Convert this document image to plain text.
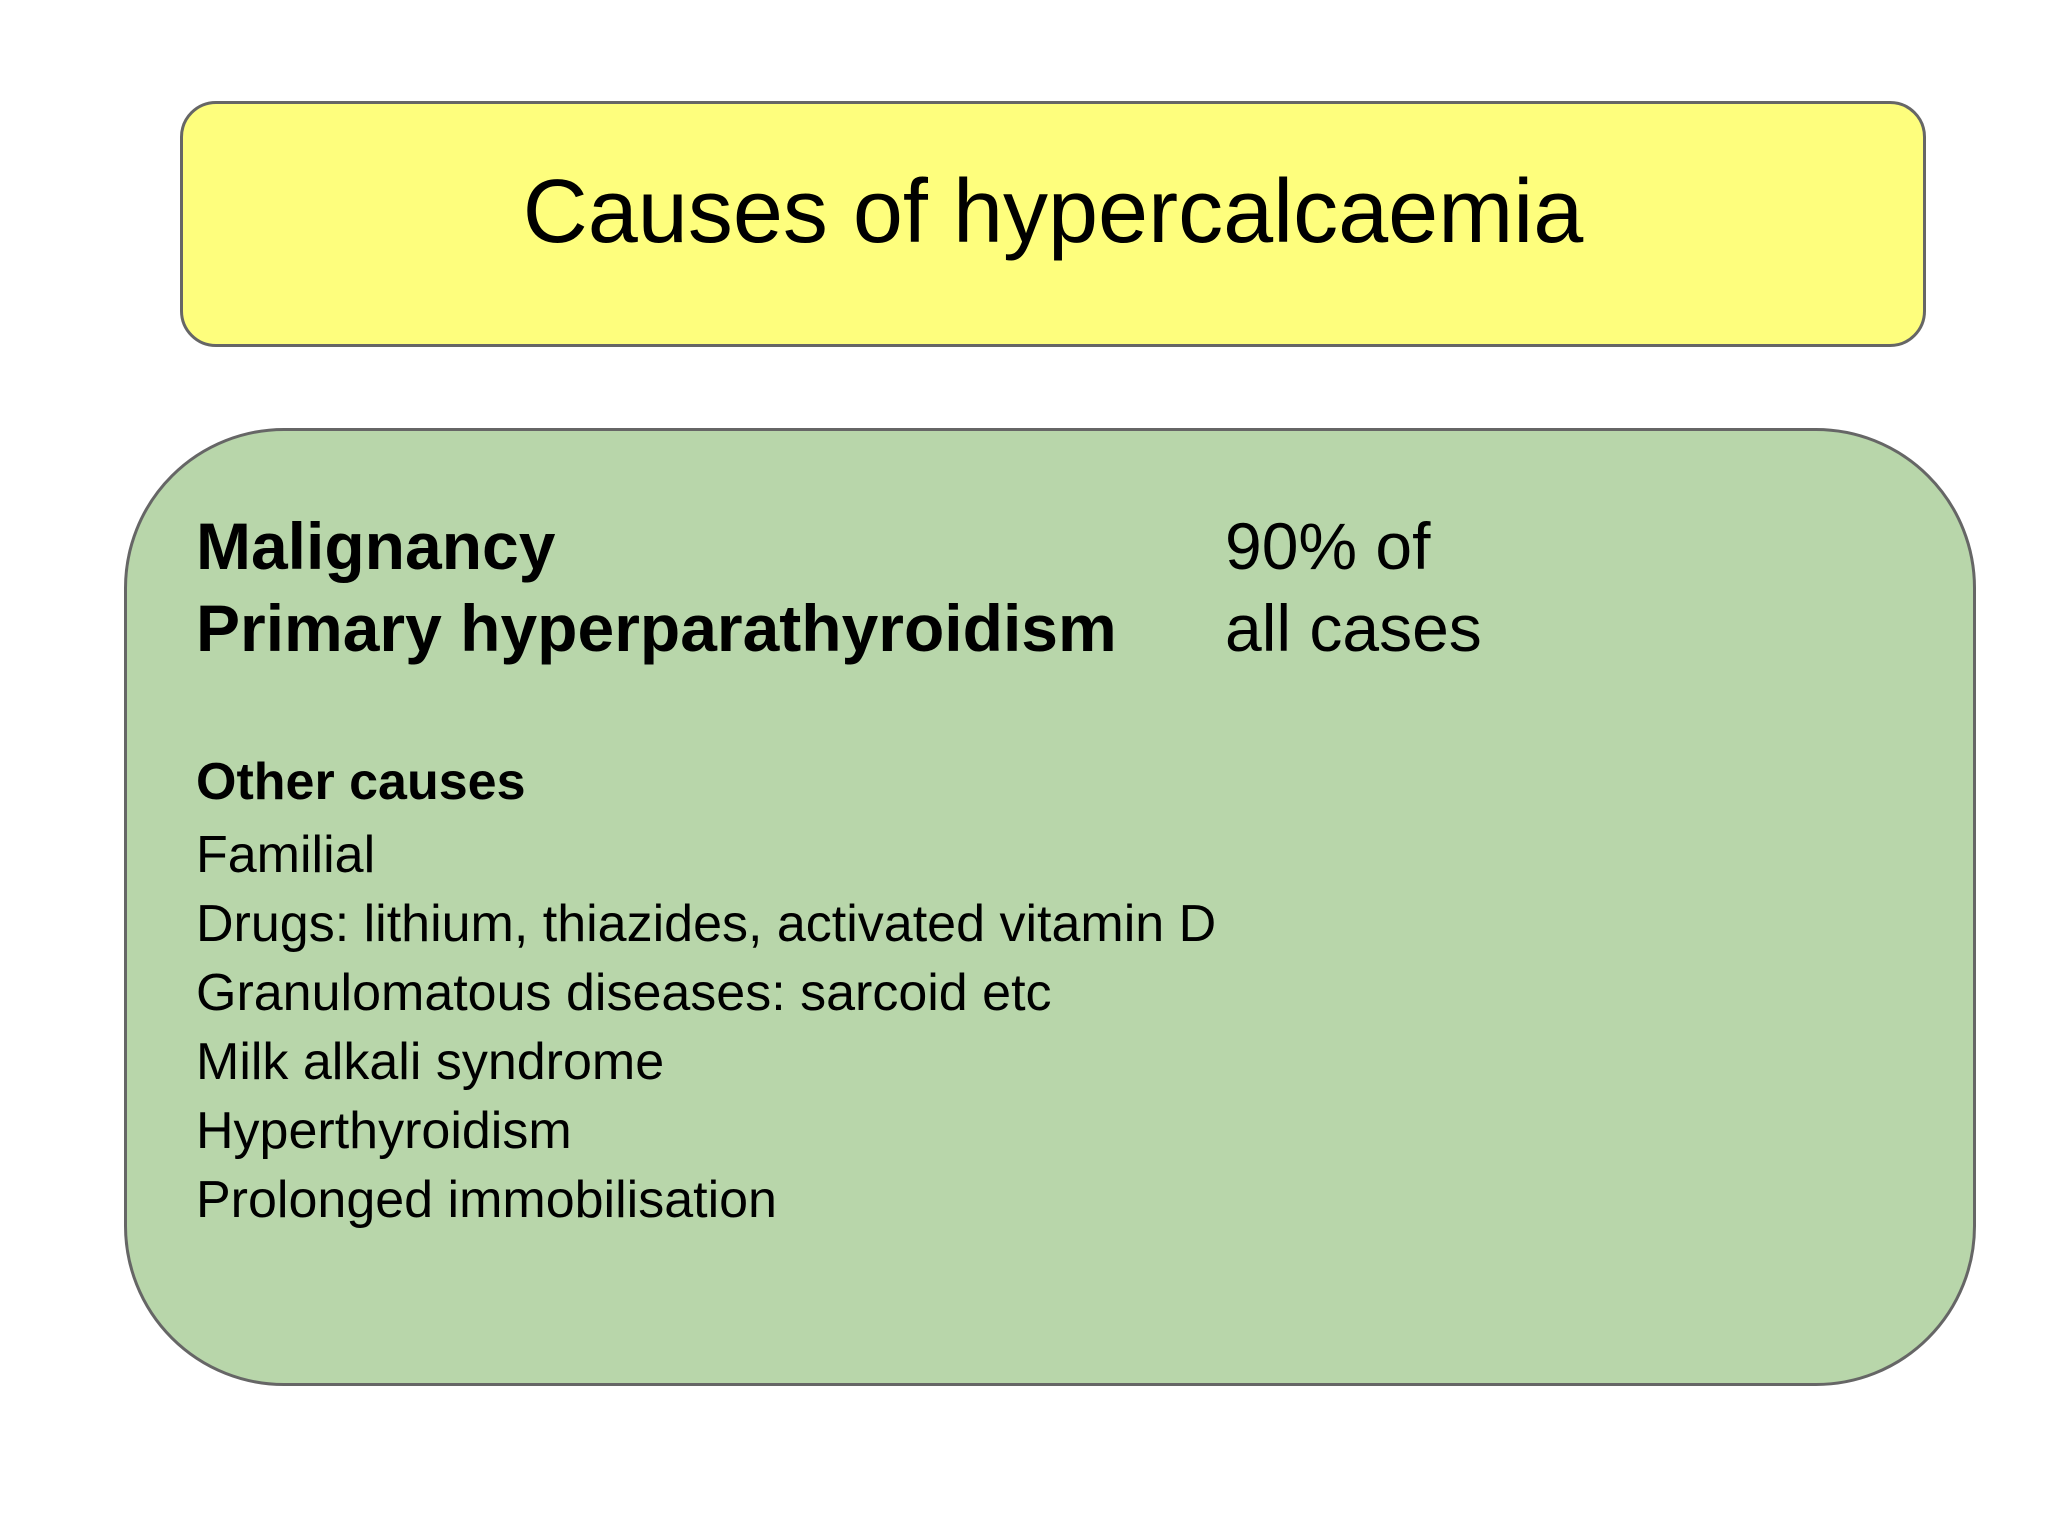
Causes of hypercalcaemia
Malignancy
Primary hyperparathyroidism
90% of
all cases
Other causes
Familial
Drugs: lithium, thiazides, activated vitamin D
Granulomatous diseases: sarcoid etc
Milk alkali syndrome
Hyperthyroidism
Prolonged immobilisation
